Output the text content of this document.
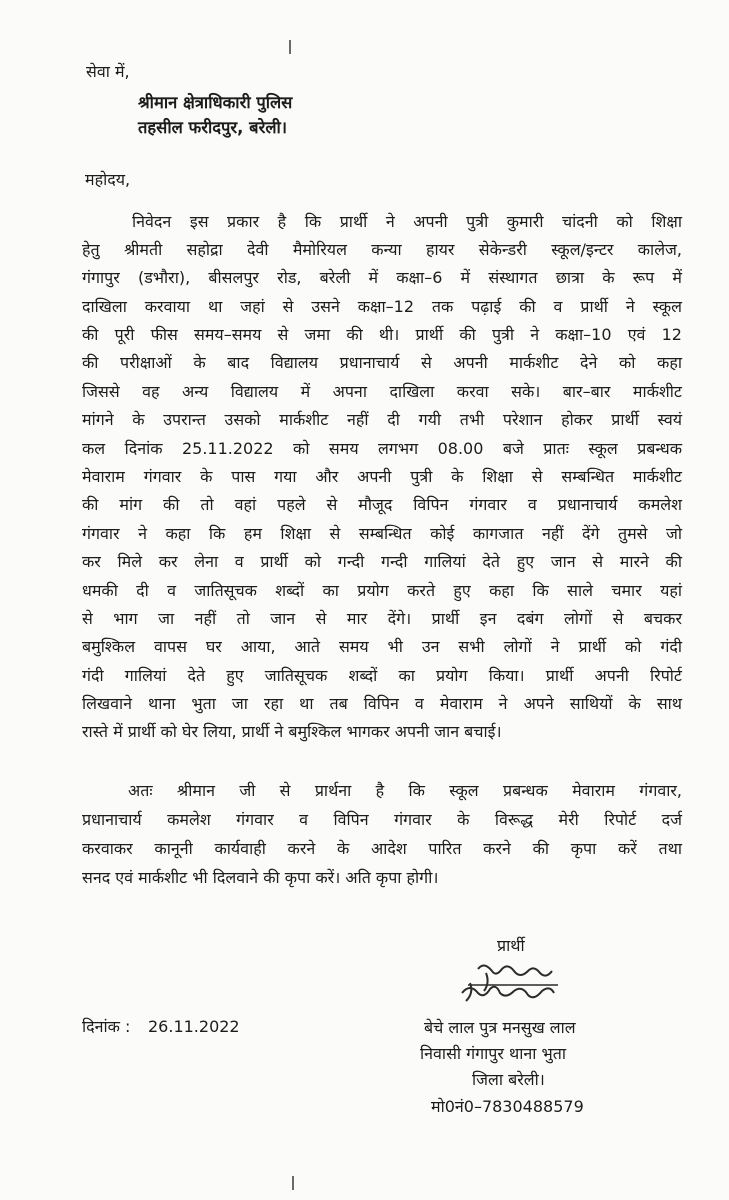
सेवा में,
श्रीमान क्षेत्राधिकारी पुलिस
तहसील फरीदपुर, बरेली।
महोदय,
निवेदन इस प्रकार है कि प्रार्थी ने अपनी पुत्री कुमारी चांदनी को शिक्षा
हेतु श्रीमती सहोद्रा देवी मैमोरियल कन्या हायर सेकेन्डरी स्कूल/इन्टर कालेज,
गंगापुर (डभौरा), बीसलपुर रोड, बरेली में कक्षा–6 में संस्थागत छात्रा के रूप में
दाखिला करवाया था जहां से उसने कक्षा–12 तक पढ़ाई की व प्रार्थी ने स्कूल
की पूरी फीस समय–समय से जमा की थी। प्रार्थी की पुत्री ने कक्षा–10 एवं 12
की परीक्षाओं के बाद विद्यालय प्रधानाचार्य से अपनी मार्कशीट देने को कहा
जिससे वह अन्य विद्यालय में अपना दाखिला करवा सके। बार–बार मार्कशीट
मांगने के उपरान्त उसको मार्कशीट नहीं दी गयी तभी परेशान होकर प्रार्थी स्वयं
कल दिनांक 25.11.2022 को समय लगभग 08.00 बजे प्रातः स्कूल प्रबन्धक
मेवाराम गंगवार के पास गया और अपनी पुत्री के शिक्षा से सम्बन्धित मार्कशीट
की मांग की तो वहां पहले से मौजूद विपिन गंगवार व प्रधानाचार्य कमलेश
गंगवार ने कहा कि हम शिक्षा से सम्बन्धित कोई कागजात नहीं देंगे तुमसे जो
कर मिले कर लेना व प्रार्थी को गन्दी गन्दी गालियां देते हुए जान से मारने की
धमकी दी व जातिसूचक शब्दों का प्रयोग करते हुए कहा कि साले चमार यहां
से भाग जा नहीं तो जान से मार देंगे। प्रार्थी इन दबंग लोगों से बचकर
बमुश्किल वापस घर आया, आते समय भी उन सभी लोगों ने प्रार्थी को गंदी
गंदी गालियां देते हुए जातिसूचक शब्दों का प्रयोग किया। प्रार्थी अपनी रिपोर्ट
लिखवाने थाना भुता जा रहा था तब विपिन व मेवाराम ने अपने साथियों के साथ
रास्ते में प्रार्थी को घेर लिया, प्रार्थी ने बमुश्किल भागकर अपनी जान बचाई।
अतः श्रीमान जी से प्रार्थना है कि स्कूल प्रबन्धक मेवाराम गंगवार,
प्रधानाचार्य कमलेश गंगवार व विपिन गंगवार के विरूद्ध मेरी रिपोर्ट दर्ज
करवाकर कानूनी कार्यवाही करने के आदेश पारित करने की कृपा करें तथा
सनद एवं मार्कशीट भी दिलवाने की कृपा करें। अति कृपा होगी।
प्रार्थी
दिनांक : 26.11.2022	बेचे लाल पुत्र मनसुख लाल
निवासी गंगापुर थाना भुता
जिला बरेली।
मो0नं0–7830488579
